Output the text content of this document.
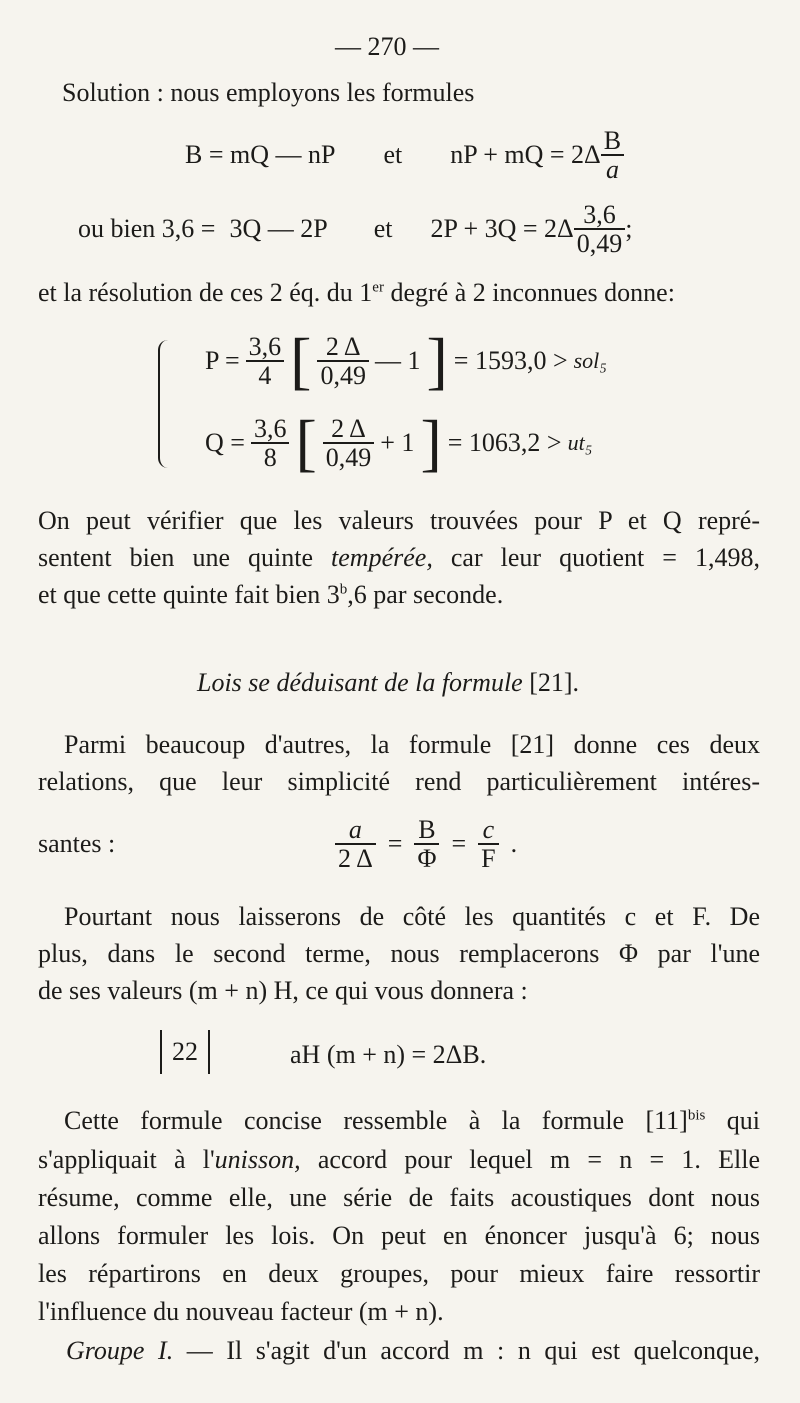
— 270 —
Solution : nous employons les formules
B = mQ — nP et nP + mQ = $2\Delta \frac{B}{a}$
ou bien 3,6 = 3Q — 2P et $2P + 3Q = 2\Delta \frac{3,6}{0,49}$ ;
et la résolution de ces 2 éq. du 1er degré à 2 inconnues donne:
$P = \frac{3,6}{4}$ [ $\frac{2 \Delta}{0,49}$ — 1 ] = 1593,0 > sol₅
$Q = \frac{3,6}{8}$ [ $\frac{2 \Delta}{0,49} + 1$ ] = 1063,2 > ut₅
On peut vérifier que les valeurs trouvées pour P et Q repré-
sentent bien une quinte tempérée, car leur quotient = 1,498,
et que cette quinte fait bien 3$^b$,6 par seconde.
Lois se déduisant de la formule [21].
Parmi beaucoup d'autres, la formule [21] donne ces deux
relations, que leur simplicité rend particulièrement intéres-
santes :	$\frac{a}{2 \Delta} = \frac{B}{\Phi} = \frac{c}{F}$ .
Pourtant nous laisserons de côté les quantités c et F. De
plus, dans le second terme, nous remplacerons Φ par l'une
de ses valeurs (m + n) H, ce qui vous donnera :
22	aH (m + n) = 2ΔB.
Cette formule concise ressemble à la formule $[11]^{bis}$ qui
s'appliquait à l'unisson, accord pour lequel m = n = 1. Elle
résume, comme elle, une série de faits acoustiques dont nous
allons formuler les lois. On peut en énoncer jusqu'à 6; nous
les répartirons en deux groupes, pour mieux faire ressortir
l'influence du nouveau facteur (m + n).
Groupe I. — Il s'agit d'un accord m : n qui est quelconque,
